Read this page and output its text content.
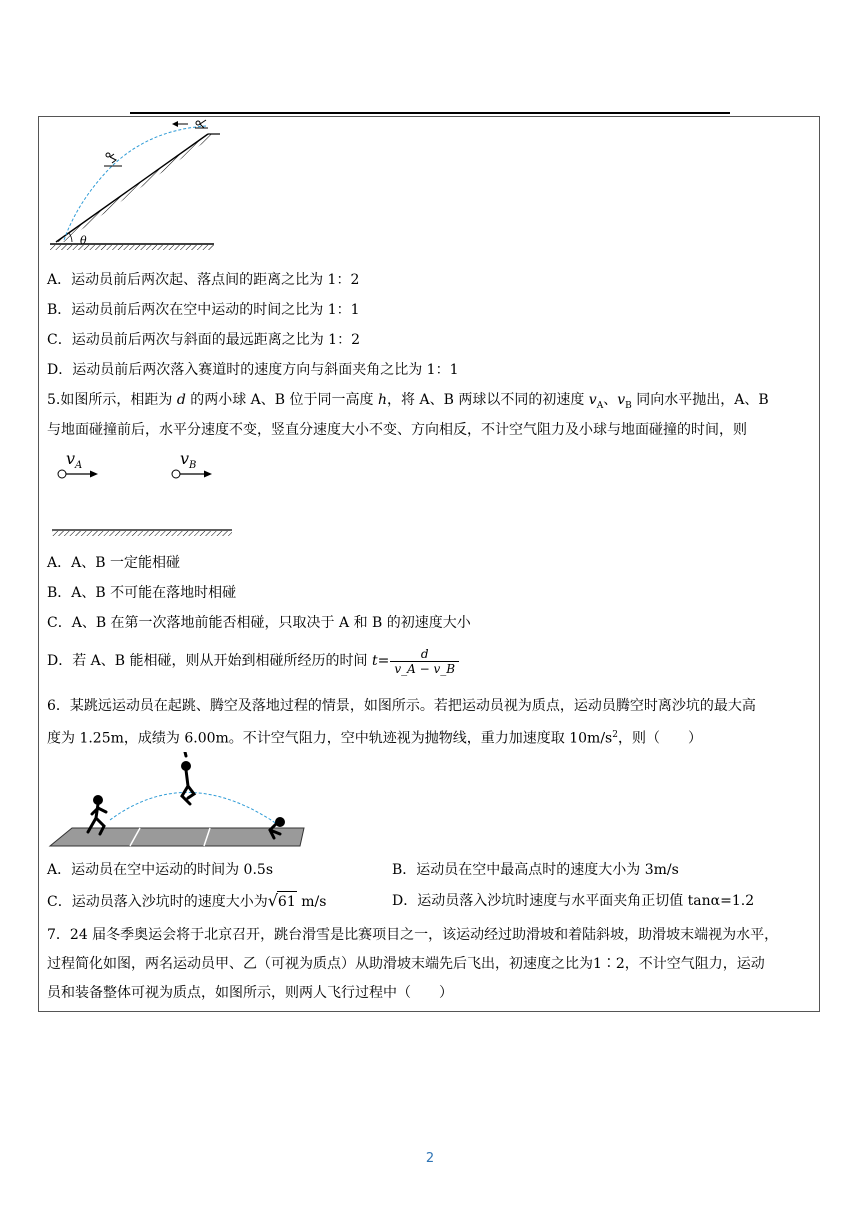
θ
A．运动员前后两次起、落点间的距离之比为 1：2
B．运动员前后两次在空中运动的时间之比为 1：1
C．运动员前后两次与斜面的最远距离之比为 1：2
D．运动员前后两次落入赛道时的速度方向与斜面夹角之比为 1：1
5.如图所示，相距为 d 的两小球 A、B 位于同一高度 h，将 A、B 两球以不同的初速度 $v_A$、$v_B$ 同向水平抛出，A、B
与地面碰撞前后，水平分速度不变，竖直分速度大小不变、方向相反，不计空气阻力及小球与地面碰撞的时间，则
$v_A$	$v_B$
A．A、B 一定能相碰
B．A、B 不可能在落地时相碰
C．A、B 在第一次落地前能否相碰，只取决于 A 和 B 的初速度大小
D．若 A、B 能相碰，则从开始到相碰所经历的时间 $t= \frac{d}{v\_A - v\_B}$
6．某跳远运动员在起跳、腾空及落地过程的情景，如图所示。若把运动员视为质点，运动员腾空时离沙坑的最大高
度为 1.25m，成绩为 6.00m。不计空气阻力，空中轨迹视为抛物线，重力加速度取 $10m/s^2$，则（　　）
A．运动员在空中运动的时间为 0.5s	B．运动员在空中最高点时的速度大小为 3m/s
C．运动员落入沙坑时的速度大小为√61 m/s	D．运动员落入沙坑时速度与水平面夹角正切值 tanα=1.2
7．24 届冬季奥运会将于北京召开，跳台滑雪是比赛项目之一，该运动经过助滑坡和着陆斜坡，助滑坡末端视为水平，
过程简化如图，两名运动员甲、乙（可视为质点）从助滑坡末端先后飞出，初速度之比为1∶2，不计空气阻力，运动
员和装备整体可视为质点，如图所示，则两人飞行过程中（　　）
2
